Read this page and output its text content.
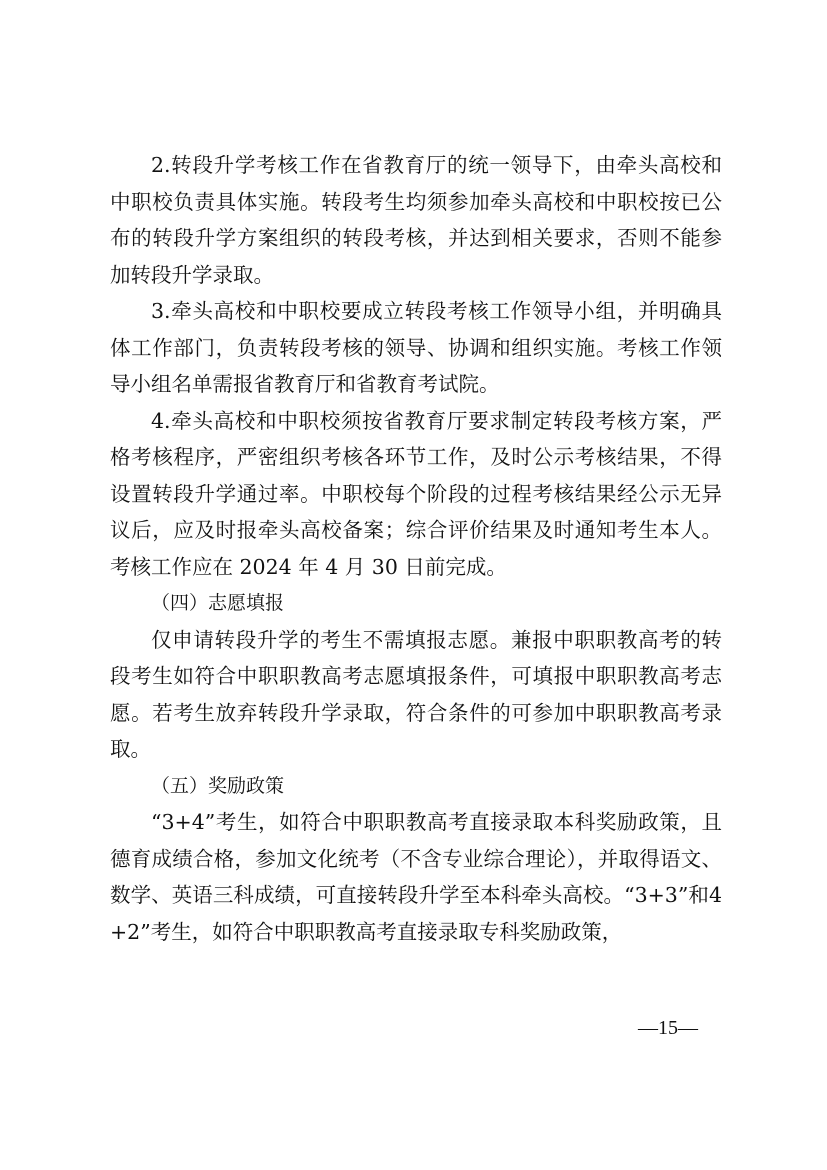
2.转段升学考核工作在省教育厅的统一领导下，由牵头高校和中职校负责具体实施。转段考生均须参加牵头高校和中职校按已公布的转段升学方案组织的转段考核，并达到相关要求，否则不能参加转段升学录取。

3.牵头高校和中职校要成立转段考核工作领导小组，并明确具体工作部门，负责转段考核的领导、协调和组织实施。考核工作领导小组名单需报省教育厅和省教育考试院。

4.牵头高校和中职校须按省教育厅要求制定转段考核方案，严格考核程序，严密组织考核各环节工作，及时公示考核结果，不得设置转段升学通过率。中职校每个阶段的过程考核结果经公示无异议后，应及时报牵头高校备案；综合评价结果及时通知考生本人。考核工作应在 2024 年 4 月 30 日前完成。

（四）志愿填报

仅申请转段升学的考生不需填报志愿。兼报中职职教高考的转段考生如符合中职职教高考志愿填报条件，可填报中职职教高考志愿。若考生放弃转段升学录取，符合条件的可参加中职职教高考录取。

（五）奖励政策

“3+4”考生，如符合中职职教高考直接录取本科奖励政策，且德育成绩合格，参加文化统考（不含专业综合理论），并取得语文、数学、英语三科成绩，可直接转段升学至本科牵头高校。“3+3”和4+2”考生，如符合中职职教高考直接录取专科奖励政策，

—15—
